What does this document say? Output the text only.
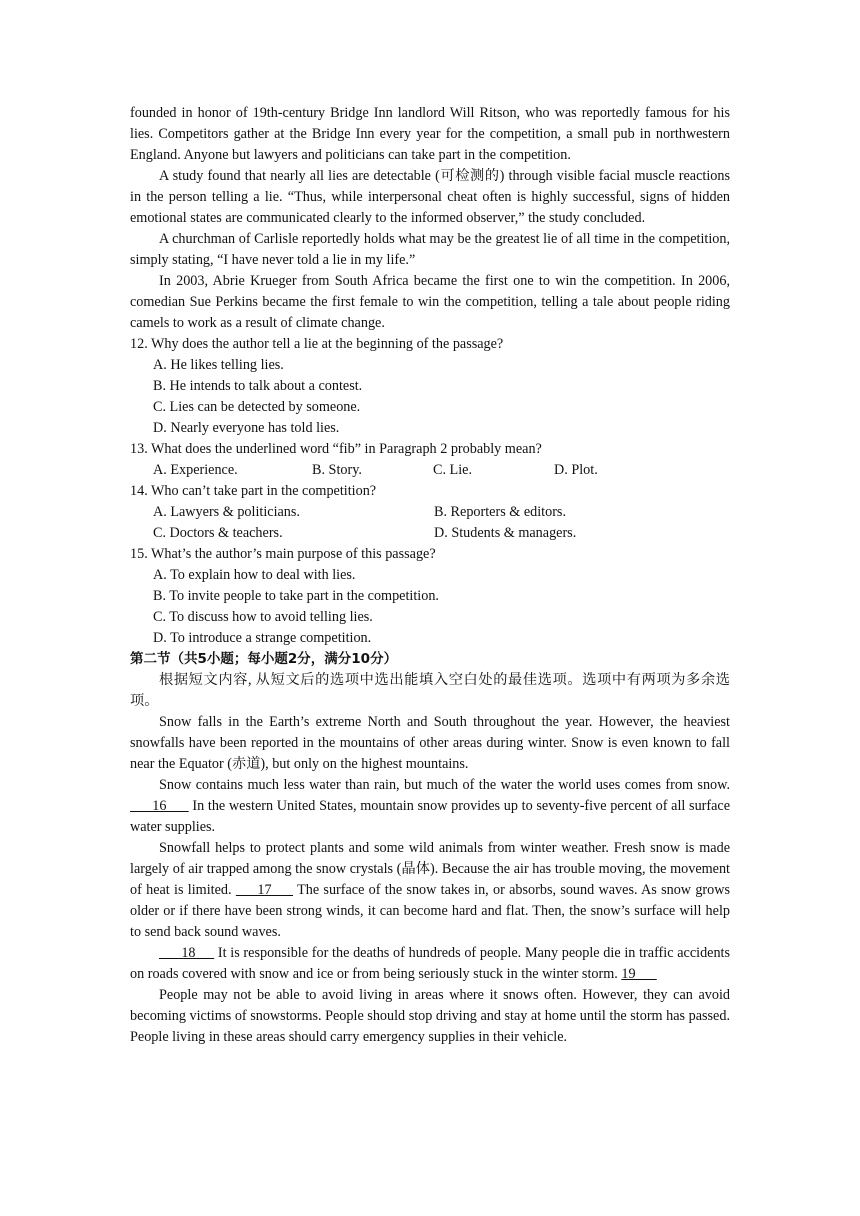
founded in honor of 19th-century Bridge Inn landlord Will Ritson, who was reportedly famous for his lies. Competitors gather at the Bridge Inn every year for the competition, a small pub in northwestern England. Anyone but lawyers and politicians can take part in the competition.

A study found that nearly all lies are detectable (可检测的) through visible facial muscle reactions in the person telling a lie. “Thus, while interpersonal cheat often is highly successful, signs of hidden emotional states are communicated clearly to the informed observer,” the study concluded.

A churchman of Carlisle reportedly holds what may be the greatest lie of all time in the competition, simply stating, “I have never told a lie in my life.”

In 2003, Abrie Krueger from South Africa became the first one to win the competition. In 2006, comedian Sue Perkins became the first female to win the competition, telling a tale about people riding camels to work as a result of climate change.

12. Why does the author tell a lie at the beginning of the passage?

A. He likes telling lies.

B. He intends to talk about a contest.

C. Lies can be detected by someone.

D. Nearly everyone has told lies.

13. What does the underlined word “fib” in Paragraph 2 probably mean?

A. Experience.	B. Story.	C. Lie.	D. Plot.

14. Who can’t take part in the competition?

A. Lawyers & politicians.	B. Reporters & editors.
C. Doctors & teachers.	D. Students & managers.

15. What’s the author’s main purpose of this passage?

A. To explain how to deal with lies.

B. To invite people to take part in the competition.

C. To discuss how to avoid telling lies.

D. To introduce a strange competition.

第二节（共5小题；每小题2分，满分10分）

根据短文内容, 从短文后的选项中选出能填入空白处的最佳选项。选项中有两项为多余选项。

Snow falls in the Earth’s extreme North and South throughout the year. However, the heaviest snowfalls have been reported in the mountains of other areas during winter. Snow is even known to fall near the Equator (赤道), but only on the highest mountains.

Snow contains much less water than rain, but much of the water the world uses comes from snow.       16       In the western United States, mountain snow provides up to seventy-five percent of all surface water supplies.

Snowfall helps to protect plants and some wild animals from winter weather. Fresh snow is made largely of air trapped among the snow crystals (晶体). Because the air has trouble moving, the movement of heat is limited.      17      The surface of the snow takes in, or absorbs, sound waves. As snow grows older or if there have been strong winds, it can become hard and flat. Then, the snow’s surface will help to send back sound waves.

18      It is responsible for the deaths of hundreds of people. Many people die in traffic accidents on roads covered with snow and ice or from being seriously stuck in the winter storm. 19

People may not be able to avoid living in areas where it snows often. However, they can avoid becoming victims of snowstorms. People should stop driving and stay at home until the storm has passed. People living in these areas should carry emergency supplies in their vehicle.
